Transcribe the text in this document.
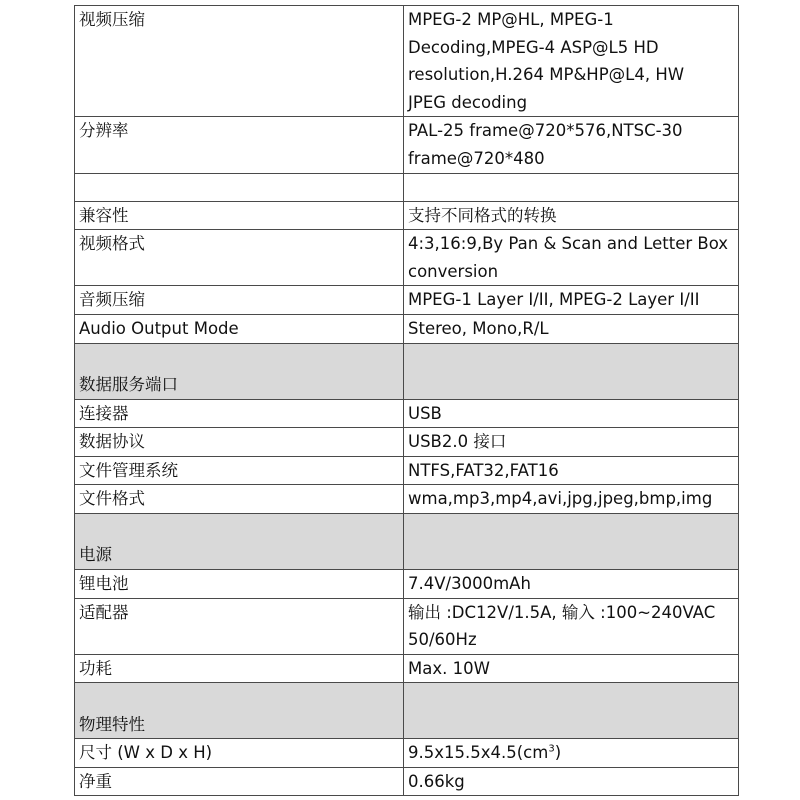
视频压缩	MPEG-2 MP@HL, MPEG-1
Decoding,MPEG-4 ASP@L5 HD
resolution,H.264 MP&HP@L4, HW
JPEG decoding
分辨率	PAL-25 frame@720*576,NTSC-30
frame@720*480

兼容性	支持不同格式的转换
视频格式	4:3,16:9,By Pan & Scan and Letter Box
conversion
音频压缩	MPEG-1 Layer I/II, MPEG-2 Layer I/II
Audio Output Mode	Stereo, Mono,R/L
数据服务端口	
连接器	USB
数据协议	USB2.0 接口
文件管理系统	NTFS,FAT32,FAT16
文件格式	wma,mp3,mp4,avi,jpg,jpeg,bmp,img
电源	
锂电池	7.4V/3000mAh
适配器	输出 :DC12V/1.5A, 输入 :100~240VAC
50/60Hz
功耗	Max. 10W
物理特性	
尺寸 (W x D x H)	$9.5x15.5x4.5(cm^3)$
净重	0.66kg
